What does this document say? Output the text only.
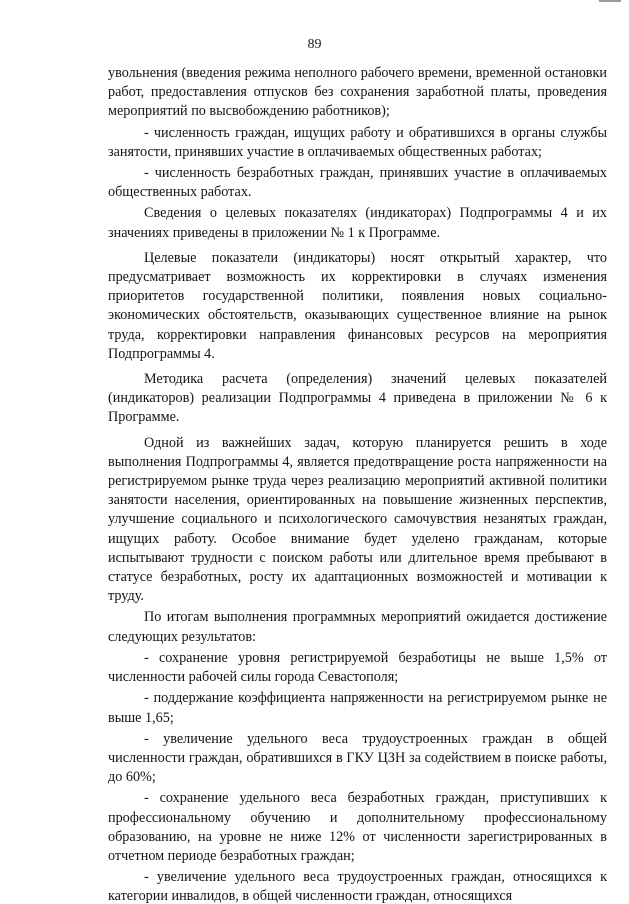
89

увольнения (введения режима неполного рабочего времени, временной остановки работ, предоставления отпусков без сохранения заработной платы, проведения мероприятий по высвобождению работников);

- численность граждан, ищущих работу и обратившихся в органы службы занятости, принявших участие в оплачиваемых общественных работах;

- численность безработных граждан, принявших участие в оплачиваемых общественных работах.

Сведения о целевых показателях (индикаторах) Подпрограммы 4 и их значениях приведены в приложении № 1 к Программе.

Целевые показатели (индикаторы) носят открытый характер, что предусматривает возможность их корректировки в случаях изменения приоритетов государственной политики, появления новых социально-экономических обстоятельств, оказывающих существенное влияние на рынок труда, корректировки направления финансовых ресурсов на мероприятия Подпрограммы 4.

Методика расчета (определения) значений целевых показателей (индикаторов) реализации Подпрограммы 4 приведена в приложении № 6 к Программе.

Одной из важнейших задач, которую планируется решить в ходе выполнения Подпрограммы 4, является предотвращение роста напряженности на регистрируемом рынке труда через реализацию мероприятий активной политики занятости населения, ориентированных на повышение жизненных перспектив, улучшение социального и психологического самочувствия незанятых граждан, ищущих работу. Особое внимание будет уделено гражданам, которые испытывают трудности с поиском работы или длительное время пребывают в статусе безработных, росту их адаптационных возможностей и мотивации к труду.

По итогам выполнения программных мероприятий ожидается достижение следующих результатов:

- сохранение уровня регистрируемой безработицы не выше 1,5% от численности рабочей силы города Севастополя;

- поддержание коэффициента напряженности на регистрируемом рынке не выше 1,65;

- увеличение удельного веса трудоустроенных граждан в общей численности граждан, обратившихся в ГКУ ЦЗН за содействием в поиске работы, до 60%;

- сохранение удельного веса безработных граждан, приступивших к профессиональному обучению и дополнительному профессиональному образованию, на уровне не ниже 12% от численности зарегистрированных в отчетном периоде безработных граждан;

- увеличение удельного веса трудоустроенных граждан, относящихся к категории инвалидов, в общей численности граждан, относящихся
